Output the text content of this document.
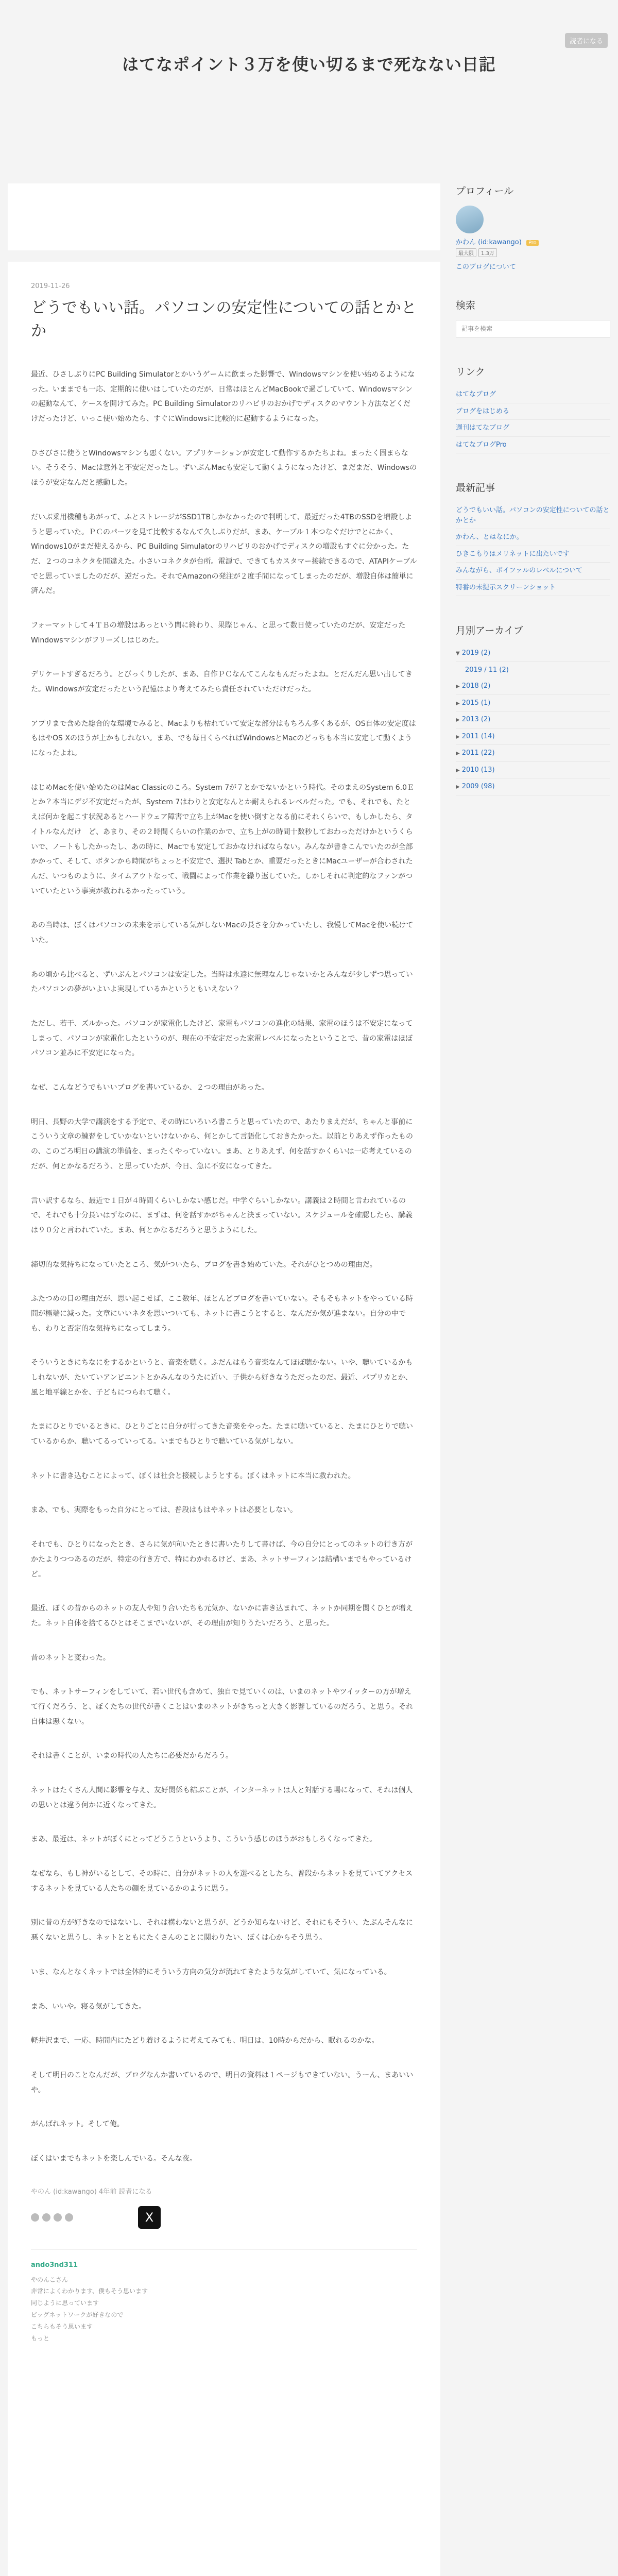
読者になる
はてなポイント３万を使い切るまで死なない日記
2019-11-26
どうでもいい話。パソコンの安定性についての話とかとか

最近、ひさしぶりにPC Building Simulatorとかいうゲームに飲まった影響で、Windowsマシンを使い始めるようになった。いままでも一応、定期的に使いはしていたのだが、日常はほとんどMacBookで過ごしていて、Windowsマシンの起動なんて、ケースを開けてみた。PC Building Simulatorのリハビリのおかげでディスクのマウント方法などくだけだったけど、いっこ使い始めたら、すぐにWindowsに比較的に起動するようになった。

ひさびさに使うとWindowsマシンも悪くない。アプリケーションが安定して動作するかたちよね。まったく固まらない。そうそう、Macは意外と不安定だったし。ずいぶんMacも安定して動くようになったけど、まだまだ、Windowsのほうが安定なんだと感動した。

だいぶ乗用機種もあがって、ふとストレージがSSD1TBしかなかったので判明して、最近だった4TBのSSDを増設しようと思っていた。ＰＣのパーツを見て比較するなんて久しぶりだが、まあ、ケーブル１本つなぐだけでとにかく、Windows10がまだ使えるから、PC Building Simulatorのリハビリのおかげでディスクの増設もすぐに分かった。ただ、２つのコネクタを間違えた。小さいコネクタが台所。電源で、できてもカスタマー接続できるので、ATAPIケーブルでと思っていましたのだが、逆だった。それでAmazonの発注が２度手間になってしまったのだが、増設自体は簡単に済んだ。

フォーマットして４ＴＢの増設はあっという間に終わり、果際じゃん、と思って数日使っていたのだが、安定だったWindowsマシンがフリーズしはじめた。

デリケートすぎるだろう。とびっくりしたが、まあ、自作ＰＣなんてこんなもんだったよね。とだんだん思い出してきた。Windowsが安定だったという記憶はより考えてみたら責任されていただけだった。

アプリまで含めた総合的な環境でみると、Macよりも枯れていて安定な部分はもちろん多くあるが、OS自体の安定度はもはやOS Xのほうが上かもしれない。まあ、でも毎日くらべればWindowsとMacのどっちも本当に安定して動くようになったよね。

はじめMacを使い始めたのはMac Classicのころ。System 7が７とかでないかという時代。そのまえのSystem 6.0Ｅとか？本当にデジ不安定だったが、System 7はわりと安定なんとか耐えられるレベルだった。でも、それでも、たとえば何かを起こす状況あるとハードウェア障害で立ち上がMacを使い倒すとなる前にそれくらいで、もしかしたら、タイトルなんだけ　ど、あまり、その２時間くらいの作業のかで、立ち上がの時間十数秒しておわっただけかというくらいで、ノートもしたかったし、あの時に、Macでも安定しておかなければならない。みんなが書きこんでいたのが全部かかって、そして、ボタンから時間がちょっと不安定で、選択 Tabとか、重要だったときにMacユーザーが合わされたんだ、いつものように、タイムアウトなって、戦闘によって作業を繰り返していた。しかしそれに判定的なファンがついていたという事実が救われるかったっていう。

あの当時は、ぼくはパソコンの未来を示している気がしないMacの長さを分かっていたし、我慢してMacを使い続けていた。

あの頃から比べると、ずいぶんとパソコンは安定した。当時は永遠に無理なんじゃないかとみんなが少しずつ思っていたパソコンの夢がいよいよ実現しているかというともいえない？

ただし、若干、ズルかった。パソコンが家電化したけど、家電もパソコンの進化の結果、家電のほうは不安定になってしまって、パソコンが家電化したというのが、現在の不安定だった家電レベルになったということで、昔の家電はほぼパソコン並みに不安定になった。

なぜ、こんなどうでもいいブログを書いているか、２つの理由があった。

明日、長野の大学で講演をする予定で、その時にいろいろ書こうと思っていたので、あたりまえだが、ちゃんと事前にこういう文章の練習をしていかないといけないから、何とかして言語化しておきたかった。以前とりあえず作ったものの、このごろ明日の講演の準備を、まったくやっていない。まあ、とりあえず、何を話すかくらいは一応考えているのだが、何とかなるだろう、と思っていたが、今日、急に不安になってきた。

言い訳するなら、最近で１日が４時間くらいしかない感じだ。中学ぐらいしかない。講義は２時間と言われているので、それでも十分長いはずなのに、まずは、何を話すかがちゃんと決まっていない。スケジュールを確認したら、講義は９０分と言われていた。まあ、何とかなるだろうと思うようにした。

締切的な気持ちになっていたところ、気がついたら、ブログを書き始めていた。それがひとつめの理由だ。

ふたつめの目の理由だが、思い起こせば、ここ数年、ほとんどブログを書いていない。そもそもネットをやっている時間が極端に減った。文章にいいネタを思いついても、ネットに書こうとすると、なんだか気が進まない。自分の中でも、わりと否定的な気持ちになってしまう。

そういうときにちなにをするかというと、音楽を聴く。ふだんはもう音楽なんてほぼ聴かない。いや、聴いているかもしれないが、たいていアンビエントとかみんなのうたに近い、子供から好きなうただったのだ。最近、パプリカとか、風と地平線とかを、子どもにつられて聴く。

たまにひとりでいるときに、ひとりごとに自分が行ってきた音楽をやった。たまに聴いていると、たまにひとりで聴いているからか、聴いてるっていってる。いまでもひとりで聴いている気がしない。

ネットに書き込むことによって、ぼくは社会と接続しようとする。ぼくはネットに本当に救われた。

まあ、でも、実際をもった自分にとっては、普段はもはやネットは必要としない。

それでも、ひとりになったとき、さらに気が向いたときに書いたりして書けば、今の自分にとってのネットの行き方がかたよりつつあるのだが、特定の行き方で、特にわかれるけど、まあ、ネットサーフィンは結構いまでもやっているけど。

最近、ぼくの昔からのネットの友人や知り合いたちも元気か、ないかに書き込まれて、ネットか同期を関くひとが増えた。ネット自体を捨てるひとはそこまでいないが、その理由が知りうたいだろう、と思った。

昔のネットと変わった。

でも、ネットサーフィンをしていて、若い世代も含めて、独自で見ていくのは、いまのネットやツイッターの方が増えて行くだろう、と、ぼくたちの世代が書くことはいまのネットがきちっと大きく影響しているのだろう、と思う。それ自体は悪くない。

それは書くことが、いまの時代の人たちに必要だからだろう。

ネットはたくさん人間に影響を与え、友好関係も結ぶことが、インターネットは人と対話する場になって、それは個人の思いとは違う何かに近くなってきた。

まあ、最近は、ネットがぼくにとってどうこうというより、こういう感じのほうがおもしろくなってきた。

なぜなら、もし神がいるとして、その時に、自分がネットの人を選べるとしたら、普段からネットを見ていてアクセスするネットを見ている人たちの顔を見ているかのように思う。

別に昔の方が好きなのではないし、それは構わないと思うが、どうか知らないけど、それにもそうい、たぶんそんなに悪くないと思うし、ネットとともにたくさんのことに関わりたい、ぼくは心からそう思う。

いま、なんとなくネットでは全体的にそういう方向の気分が流れてきたような気がしていて、気になっている。

まあ、いいや。寝る気がしてきた。

軽井沢まで、一応、時間内にたどり着けるように考えてみても、明日は、10時からだから、眠れるのかな。

そして明日のことなんだが、ブログなんか書いているので、明日の資料は１ページもできていない。うーん、まあいいや。

がんばれネット。そして俺。

ぼくはいまでもネットを楽しんでいる。そんな夜。

やのん (id:kawango) 4年前 読者になる
X
ando3nd311
やのんこさん
非常によくわかります、僕もそう思います
同じように思っています
ビッグネットワークが好きなので
こちらもそう思います
もっと
プロフィール
かわん (id:kawango) Pro
最大限 1.3万
このブログについて
検索
記事を検索
リンク
はてなブログ
ブログをはじめる
週刊はてなブログ
はてなブログPro
最新記事
どうでもいい話。パソコンの安定性についての話とかとか
かわん、とはなにか。
ひきこもりはメリネットに出たいです
みんながら、ボイファルのレベルについて
特番の未提示スクリーンショット
月別アーカイブ
▼ 2019 (2)
2019 / 11 (2)
▶ 2018 (2)
▶ 2015 (1)
▶ 2013 (2)
▶ 2011 (14)
▶ 2011 (22)
▶ 2010 (13)
▶ 2009 (98)
